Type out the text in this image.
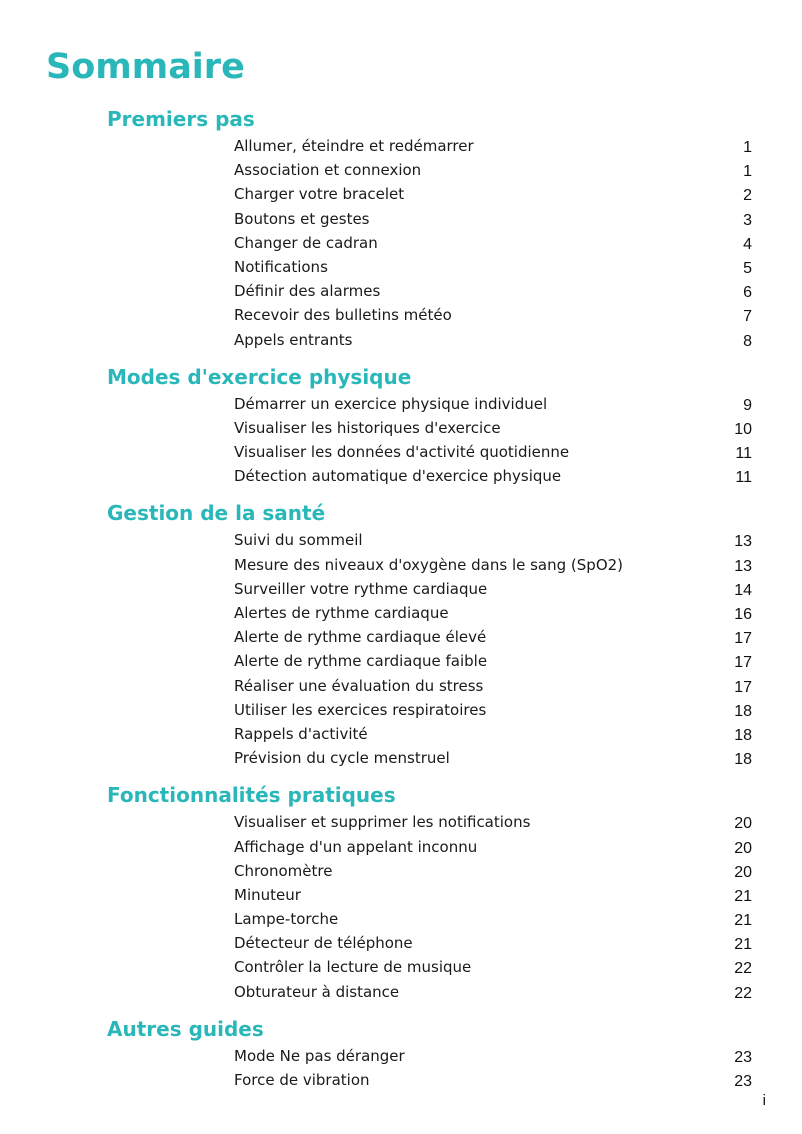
Sommaire
Premiers pas
Allumer, éteindre et redémarrer	1
Association et connexion	1
Charger votre bracelet	2
Boutons et gestes	3
Changer de cadran	4
Notifications	5
Définir des alarmes	6
Recevoir des bulletins météo	7
Appels entrants	8
Modes d'exercice physique
Démarrer un exercice physique individuel	9
Visualiser les historiques d'exercice	10
Visualiser les données d'activité quotidienne	11
Détection automatique d'exercice physique	11
Gestion de la santé
Suivi du sommeil	13
Mesure des niveaux d'oxygène dans le sang (SpO2)	13
Surveiller votre rythme cardiaque	14
Alertes de rythme cardiaque	16
Alerte de rythme cardiaque élevé	17
Alerte de rythme cardiaque faible	17
Réaliser une évaluation du stress	17
Utiliser les exercices respiratoires	18
Rappels d'activité	18
Prévision du cycle menstruel	18
Fonctionnalités pratiques
Visualiser et supprimer les notifications	20
Affichage d'un appelant inconnu	20
Chronomètre	20
Minuteur	21
Lampe-torche	21
Détecteur de téléphone	21
Contrôler la lecture de musique	22
Obturateur à distance	22
Autres guides
Mode Ne pas déranger	23
Force de vibration	23
i
